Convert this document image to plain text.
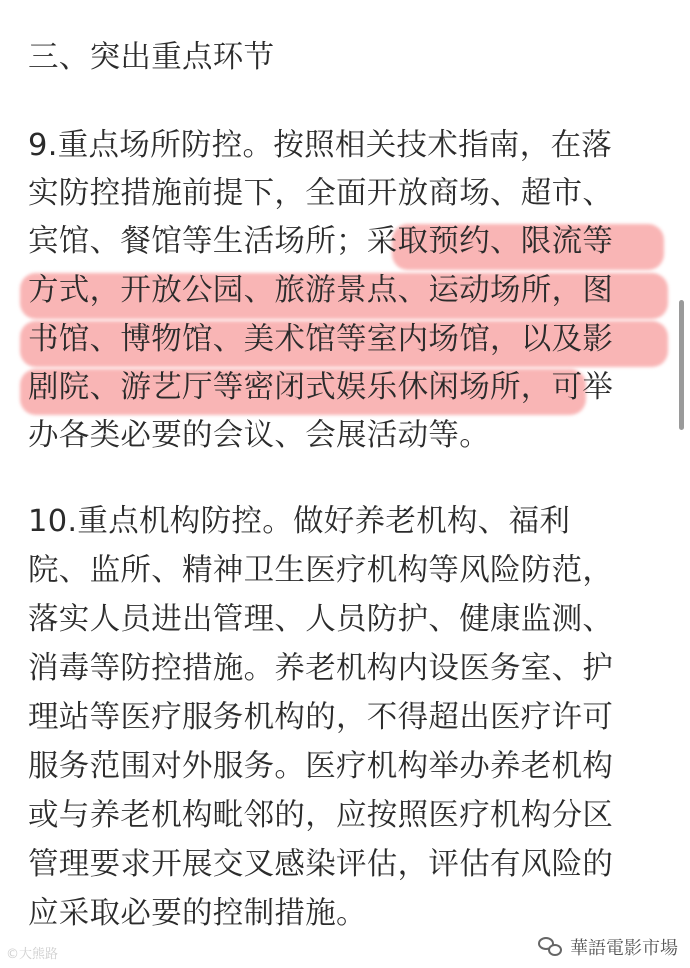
三、突出重点环节
9.重点场所防控。按照相关技术指南，在落
实防控措施前提下，全面开放商场、超市、
宾馆、餐馆等生活场所；采取预约、限流等
方式，开放公园、旅游景点、运动场所，图
书馆、博物馆、美术馆等室内场馆，以及影
剧院、游艺厅等密闭式娱乐休闲场所，可举
办各类必要的会议、会展活动等。
10.重点机构防控。做好养老机构、福利
院、监所、精神卫生医疗机构等风险防范，
落实人员进出管理、人员防护、健康监测、
消毒等防控措施。养老机构内设医务室、护
理站等医疗服务机构的，不得超出医疗许可
服务范围对外服务。医疗机构举办养老机构
或与养老机构毗邻的，应按照医疗机构分区
管理要求开展交叉感染评估，评估有风险的
应采取必要的控制措施。
©大熊路	華語電影市場
